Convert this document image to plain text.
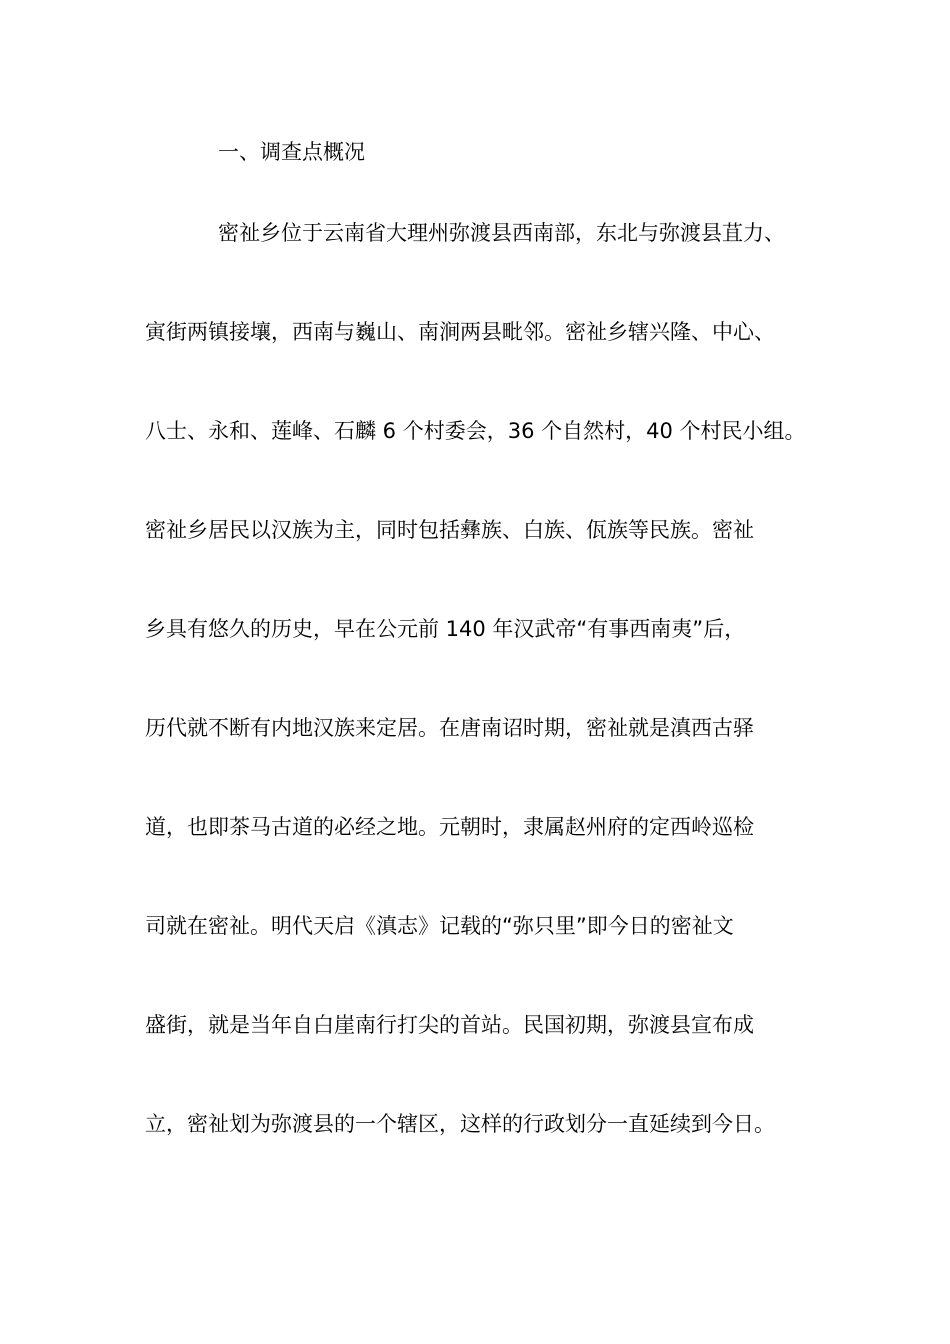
一、调查点概况
密祉乡位于云南省大理州弥渡县西南部，东北与弥渡县苴力、
寅街两镇接壤，西南与巍山、南涧两县毗邻。密祉乡辖兴隆、中心、
八士、永和、莲峰、石麟 6 个村委会，36 个自然村，40 个村民小组。
密祉乡居民以汉族为主，同时包括彝族、白族、佤族等民族。密祉
乡具有悠久的历史，早在公元前 140 年汉武帝“有事西南夷”后，
历代就不断有内地汉族来定居。在唐南诏时期，密祉就是滇西古驿
道，也即茶马古道的必经之地。元朝时，隶属赵州府的定西岭巡检
司就在密祉。明代天启《滇志》记载的“弥只里”即今日的密祉文
盛街，就是当年自白崖南行打尖的首站。民国初期，弥渡县宣布成
立，密祉划为弥渡县的一个辖区，这样的行政划分一直延续到今日。
